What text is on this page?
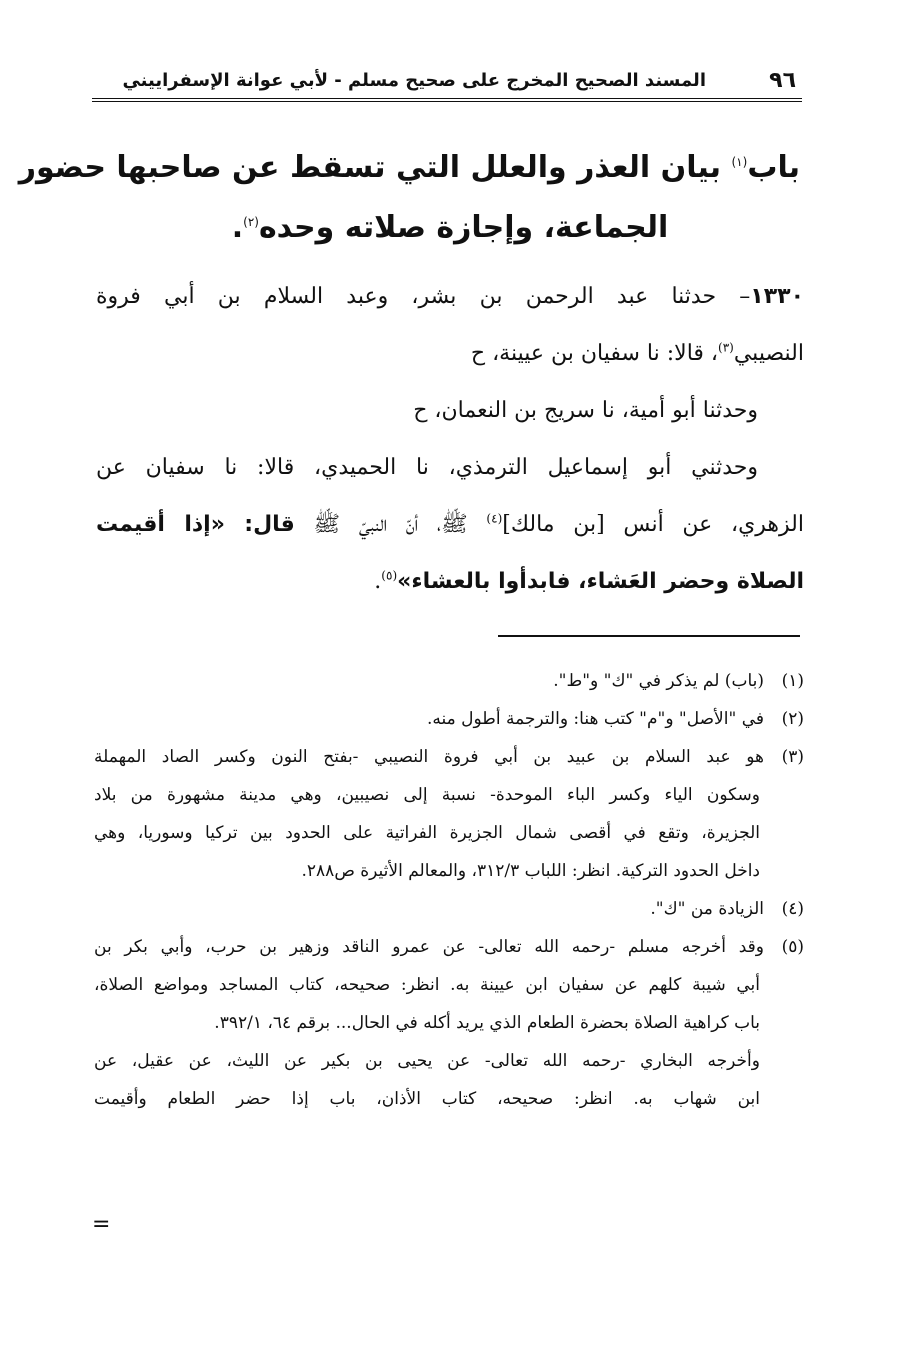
٩٦
المسند الصحيح المخرج على صحيح مسلم - لأبي عوانة الإسفراييني
باب$^{(١)}$ بيان العذر والعلل التي تسقط عن صاحبها حضور
الجماعة، وإجازة صلاته وحده$^{(٢)}$.
١٣٣٠– حدثنا عبد الرحمن بن بشر، وعبد السلام بن أبي فروة
النصيبي$^{(٣)}$، قالا: نا سفيان بن عيينة، ح
وحدثنا أبو أمية، نا سريج بن النعمان، ح
وحدثني أبو إسماعيل الترمذي، نا الحميدي، قالا: نا سفيان عن
الزهري، عن أنس [بن مالك]$^{(٤)}$ ﷺ، أنّ النبيّ ﷺ قال: «إذا أقيمت
الصلاة وحضر العَشاء، فابدأوا بالعشاء»$^{(٥)}$.
(١)(باب) لم يذكر في "ك" و"ط".
(٢)في "الأصل" و"م" كتب هنا: والترجمة أطول منه.
(٣)هو عبد السلام بن عبيد بن أبي فروة النصيبي -بفتح النون وكسر الصاد المهملة
وسكون الياء وكسر الباء الموحدة- نسبة إلى نصيبين، وهي مدينة مشهورة من بلاد
الجزيرة، وتقع في أقصى شمال الجزيرة الفراتية على الحدود بين تركيا وسوريا، وهي
داخل الحدود التركية. انظر: اللباب ٣١٢/٣، والمعالم الأثيرة ص٢٨٨.
(٤)الزيادة من "ك".
(٥)وقد أخرجه مسلم -رحمه الله تعالى- عن عمرو الناقد وزهير بن حرب، وأبي بكر بن
أبي شيبة كلهم عن سفيان ابن عيينة به. انظر: صحيحه، كتاب المساجد ومواضع الصلاة،
باب كراهية الصلاة بحضرة الطعام الذي يريد أكله في الحال... برقم ٦٤، ٣٩٢/١.
وأخرجه البخاري -رحمه الله تعالى- عن يحيى بن بكير عن الليث، عن عقيل، عن
ابن شهاب به. انظر: صحيحه، كتاب الأذان، باب إذا حضر الطعام وأقيمت
=
